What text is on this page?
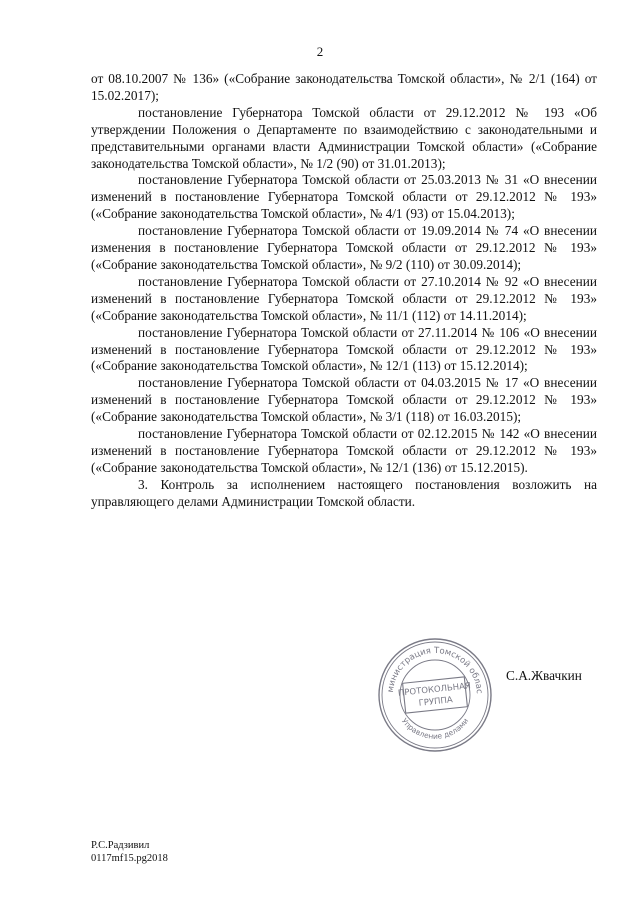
2

от 08.10.2007 № 136» («Собрание законодательства Томской области», № 2/1 (164) от 15.02.2017);

постановление Губернатора Томской области от 29.12.2012 № 193 «Об утверждении Положения о Департаменте по взаимодействию с законодательными и представительными органами власти Администрации Томской области» («Собрание законодательства Томской области», № 1/2 (90) от 31.01.2013);

постановление Губернатора Томской области от 25.03.2013 № 31 «О внесении изменений в постановление Губернатора Томской области от 29.12.2012 № 193» («Собрание законодательства Томской области», № 4/1 (93) от 15.04.2013);

постановление Губернатора Томской области от 19.09.2014 № 74 «О внесении изменения в постановление Губернатора Томской области от 29.12.2012 № 193» («Собрание законодательства Томской области», № 9/2 (110) от 30.09.2014);

постановление Губернатора Томской области от 27.10.2014 № 92 «О внесении изменений в постановление Губернатора Томской области от 29.12.2012 № 193» («Собрание законодательства Томской области», № 11/1 (112) от 14.11.2014);

постановление Губернатора Томской области от 27.11.2014 № 106 «О внесении изменений в постановление Губернатора Томской области от 29.12.2012 № 193» («Собрание законодательства Томской области», № 12/1 (113) от 15.12.2014);

постановление Губернатора Томской области от 04.03.2015 № 17 «О внесении изменений в постановление Губернатора Томской области от 29.12.2012 № 193» («Собрание законодательства Томской области», № 3/1 (118) от 16.03.2015);

постановление Губернатора Томской области от 02.12.2015 № 142 «О внесении изменений в постановление Губернатора Томской области от 29.12.2012 № 193» («Собрание законодательства Томской области», № 12/1 (136) от 15.12.2015).

3. Контроль за исполнением настоящего постановления возложить на управляющего делами Администрации Томской области.

министрация Томской облас
Управление делами
ПРОТОКОЛЬНАЯ
ГРУППА
С.А.Жвачкин
Р.С.Радзивил
0117mf15.pg2018
